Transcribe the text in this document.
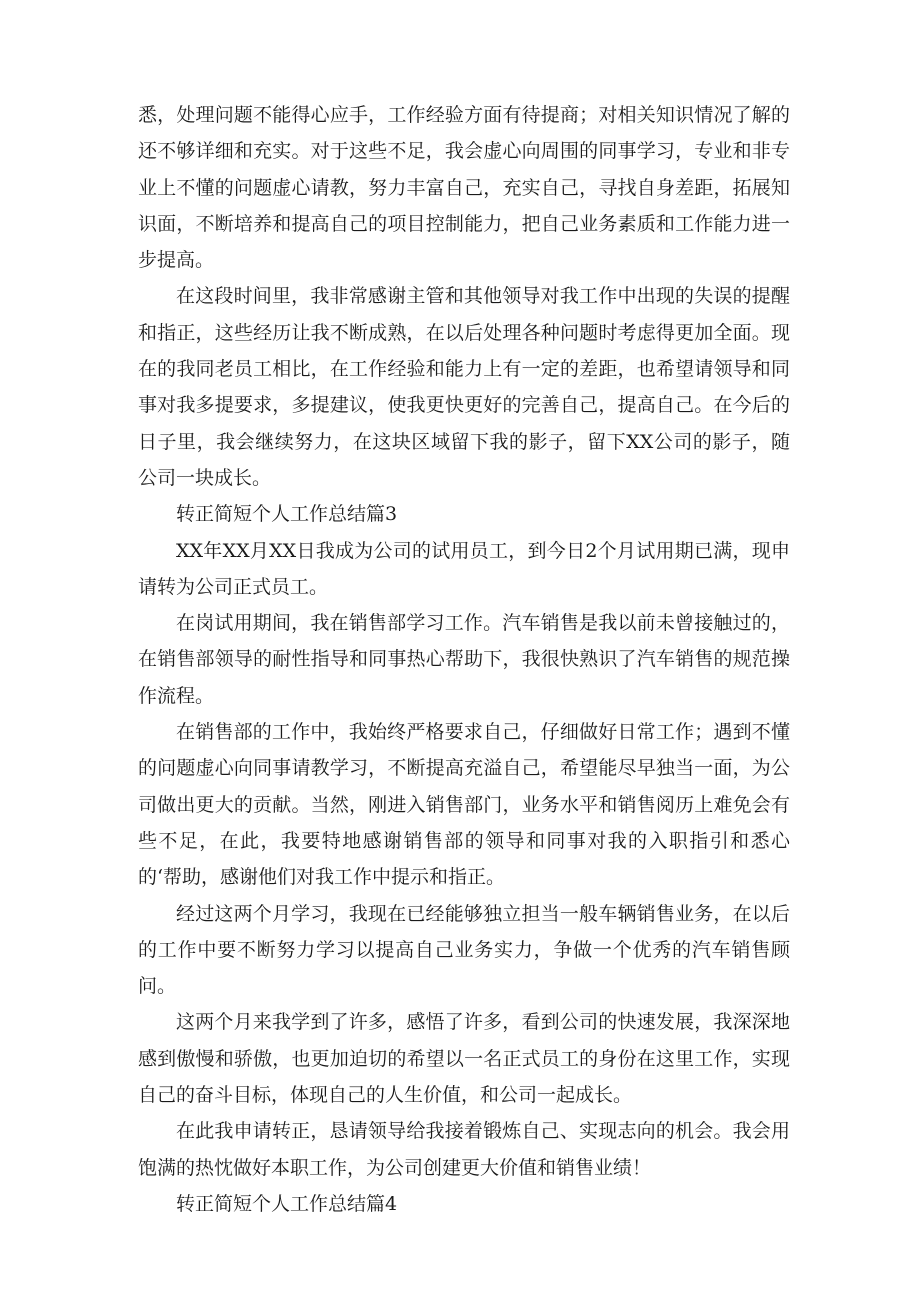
悉，处理问题不能得心应手，工作经验方面有待提商；对相关知识情况了解的还不够详细和充实。对于这些不足，我会虚心向周围的同事学习，专业和非专业上不懂的问题虚心请教，努力丰富自己，充实自己，寻找自身差距，拓展知识面，不断培养和提高自己的项目控制能力，把自己业务素质和工作能力进一步提高。

在这段时间里，我非常感谢主管和其他领导对我工作中出现的失误的提醒和指正，这些经历让我不断成熟，在以后处理各种问题时考虑得更加全面。现在的我同老员工相比，在工作经验和能力上有一定的差距，也希望请领导和同事对我多提要求，多提建议，使我更快更好的完善自己，提高自己。在今后的日子里，我会继续努力，在这块区域留下我的影子，留下XX公司的影子，随公司一块成长。

转正简短个人工作总结篇3

XX年XX月XX日我成为公司的试用员工，到今日2个月试用期已满，现申请转为公司正式员工。

在岗试用期间，我在销售部学习工作。汽车销售是我以前未曾接触过的，在销售部领导的耐性指导和同事热心帮助下，我很快熟识了汽车销售的规范操作流程。

在销售部的工作中，我始终严格要求自己，仔细做好日常工作；遇到不懂的问题虚心向同事请教学习，不断提高充溢自己，希望能尽早独当一面，为公司做出更大的贡献。当然，刚进入销售部门，业务水平和销售阅历上难免会有些不足，在此，我要特地感谢销售部的领导和同事对我的入职指引和悉心的‘帮助，感谢他们对我工作中提示和指正。

经过这两个月学习，我现在已经能够独立担当一般车辆销售业务，在以后的工作中要不断努力学习以提高自己业务实力，争做一个优秀的汽车销售顾问。

这两个月来我学到了许多，感悟了许多，看到公司的快速发展，我深深地感到傲慢和骄傲，也更加迫切的希望以一名正式员工的身份在这里工作，实现自己的奋斗目标，体现自己的人生价值，和公司一起成长。

在此我申请转正，恳请领导给我接着锻炼自己、实现志向的机会。我会用饱满的热忱做好本职工作，为公司创建更大价值和销售业绩！

转正简短个人工作总结篇4
